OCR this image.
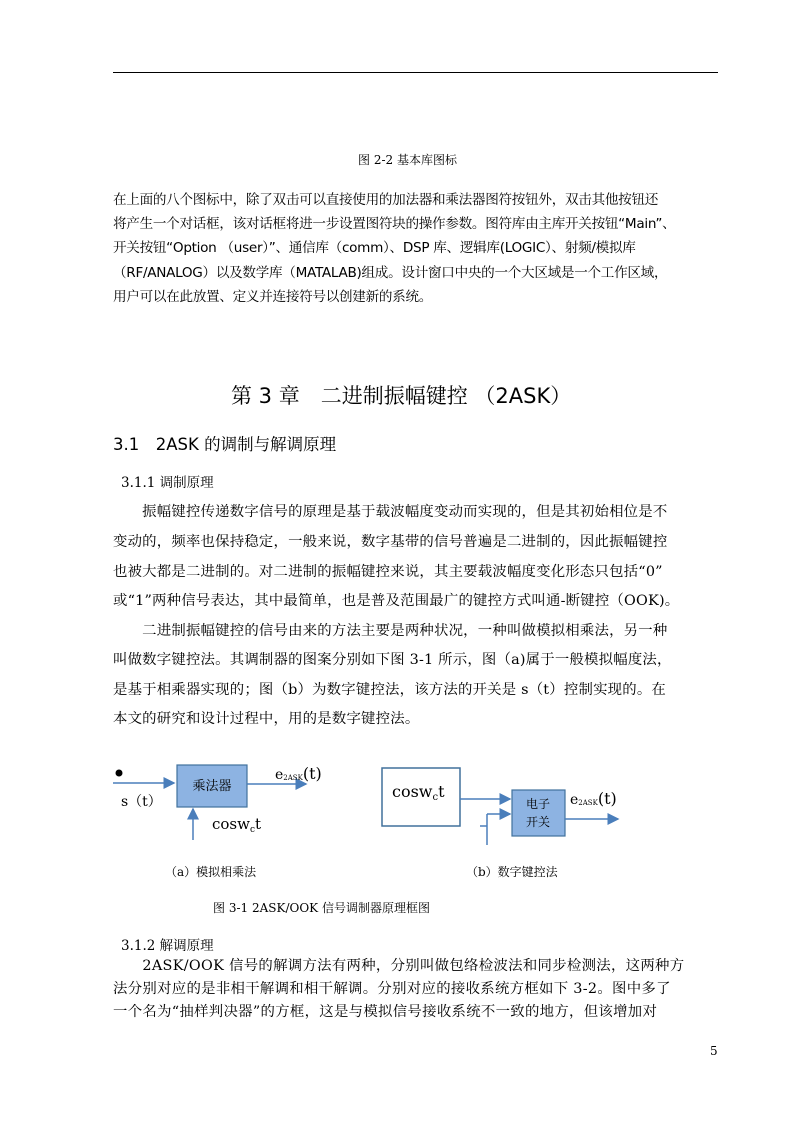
图 2-2 基本库图标
在上面的八个图标中，除了双击可以直接使用的加法器和乘法器图符按钮外，双击其他按钮还
将产生一个对话框，该对话框将进一步设置图符块的操作参数。图符库由主库开关按钮“Main”、
开关按钮“Option （user）”、通信库（comm）、DSP 库、逻辑库(LOGIC）、射频/模拟库
（RF/ANALOG）以及数学库（MATALAB)组成。设计窗口中央的一个大区域是一个工作区域，
用户可以在此放置、定义并连接符号以创建新的系统。
第 3 章　二进制振幅键控 （2ASK）
3.1　2ASK 的调制与解调原理
3.1.1 调制原理
　　振幅键控传递数字信号的原理是基于载波幅度变动而实现的，但是其初始相位是不
变动的，频率也保持稳定，一般来说，数字基带的信号普遍是二进制的，因此振幅键控
也被大都是二进制的。对二进制的振幅键控来说，其主要载波幅度变化形态只包括“0”
或“1”两种信号表达，其中最简单，也是普及范围最广的键控方式叫通-断键控（OOK)。
　　二进制振幅键控的信号由来的方法主要是两种状况，一种叫做模拟相乘法，另一种
叫做数字键控法。其调制器的图案分别如下图 3-1 所示，图（a)属于一般模拟幅度法，
是基于相乘器实现的；图（b）为数字键控法，该方法的开关是 s（t）控制实现的。在
本文的研究和设计过程中，用的是数字键控法。
s（t）
乘法器
e2ASK(t)
cosw$_c$t
coswct
电子
开关
e2ASK(t)
（a）模拟相乘法	（b）数字键控法
图 3-1 2ASK/OOK 信号调制器原理框图
3.1.2 解调原理
　　2ASK/OOK 信号的解调方法有两种，分别叫做包络检波法和同步检测法，这两种方
法分别对应的是非相干解调和相干解调。分别对应的接收系统方框如下 3-2。图中多了
一个名为“抽样判决器”的方框，这是与模拟信号接收系统不一致的地方，但该增加对
5
